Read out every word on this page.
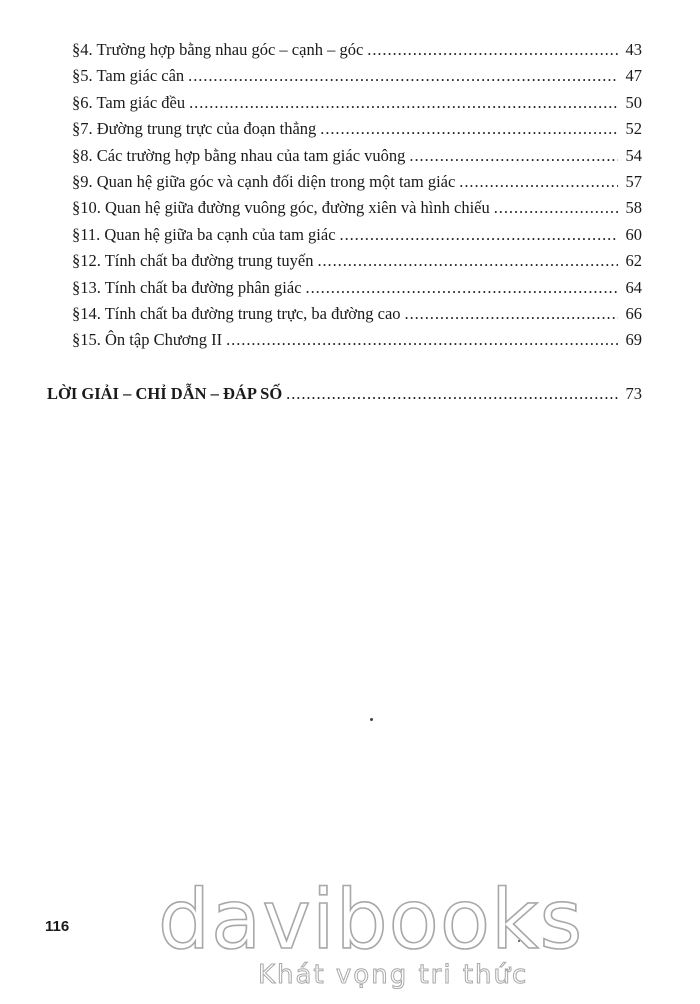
§4. Trường hợp bằng nhau góc – cạnh – góc . . .	43
§5. Tam giác cân . . .	47
§6. Tam giác đều . . .	50
§7. Đường trung trực của đoạn thẳng . . .	52
§8. Các trường hợp bằng nhau của tam giác vuông . . .	54
§9. Quan hệ giữa góc và cạnh đối diện trong một tam giác . . .	57
§10. Quan hệ giữa đường vuông góc, đường xiên và hình chiếu . . .	58
§11. Quan hệ giữa ba cạnh của tam giác . . .	60
§12. Tính chất ba đường trung tuyến . . .	62
§13. Tính chất ba đường phân giác . . .	64
§14. Tính chất ba đường trung trực, ba đường cao . . .	66
§15. Ôn tập Chương II . . .	69
LỜI GIẢI – CHỈ DẪN – ĐÁP SỐ . . .	73
116 davibooks
Khát vọng tri thức
